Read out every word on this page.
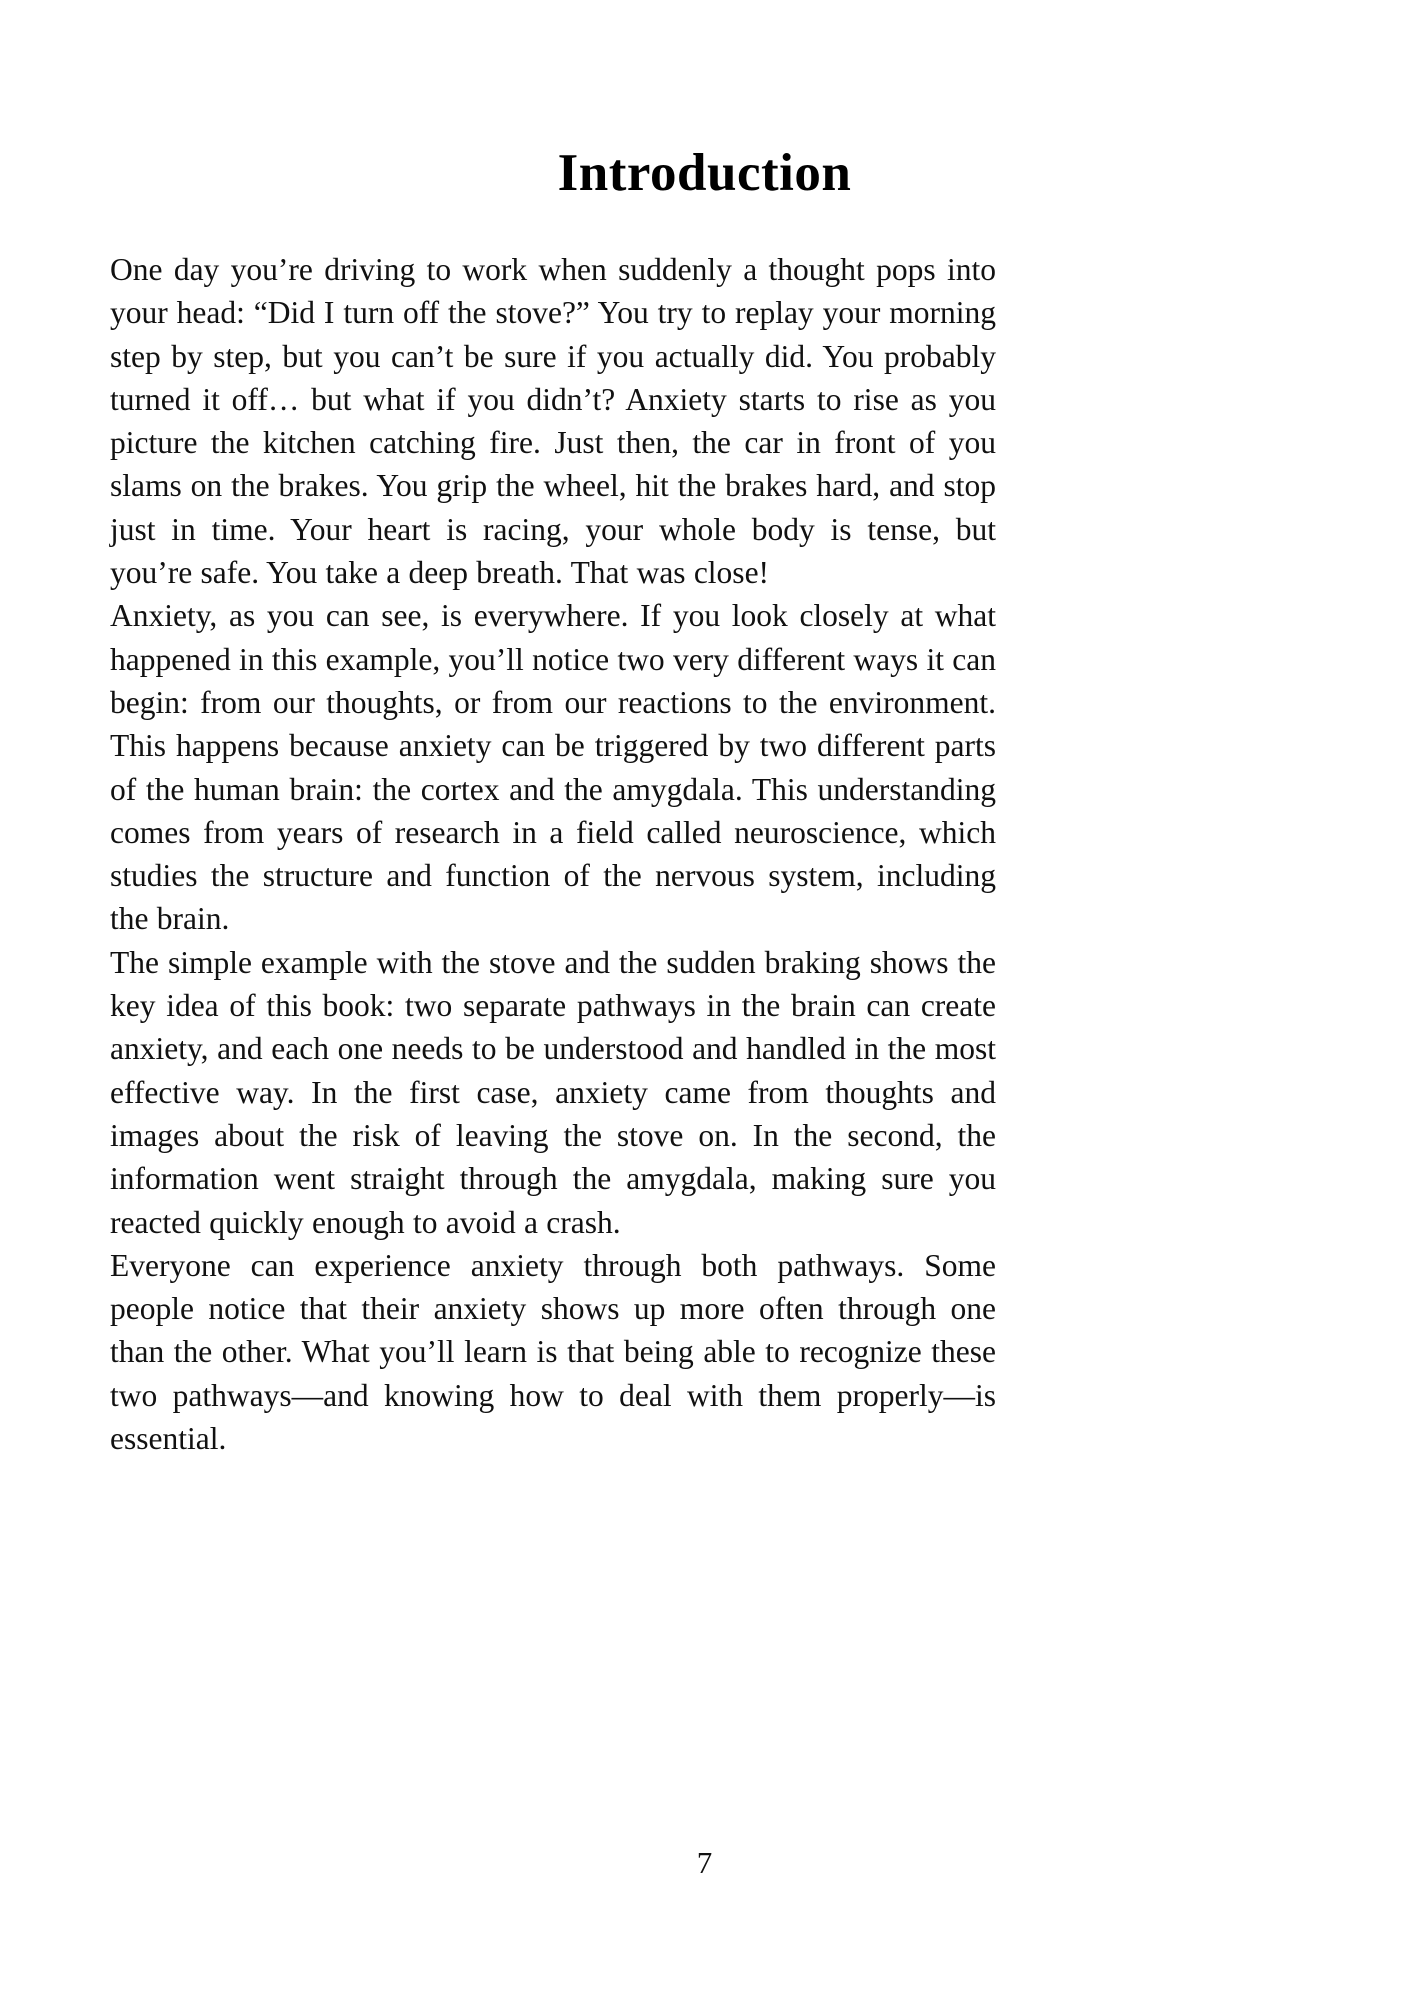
Introduction

One day you’re driving to work when suddenly a thought pops into your head: “Did I turn off the stove?” You try to replay your morning step by step, but you can’t be sure if you actually did. You probably turned it off… but what if you didn’t? Anxiety starts to rise as you picture the kitchen catching fire. Just then, the car in front of you slams on the brakes. You grip the wheel, hit the brakes hard, and stop just in time. Your heart is racing, your whole body is tense, but you’re safe. You take a deep breath. That was close!

Anxiety, as you can see, is everywhere. If you look closely at what happened in this example, you’ll notice two very different ways it can begin: from our thoughts, or from our reactions to the environment. This happens because anxiety can be triggered by two different parts of the human brain: the cortex and the amygdala. This understanding comes from years of research in a field called neuroscience, which studies the structure and function of the nervous system, including the brain.

The simple example with the stove and the sudden braking shows the key idea of this book: two separate pathways in the brain can create anxiety, and each one needs to be understood and handled in the most effective way. In the first case, anxiety came from thoughts and images about the risk of leaving the stove on. In the second, the information went straight through the amygdala, making sure you reacted quickly enough to avoid a crash.

Everyone can experience anxiety through both pathways. Some people notice that their anxiety shows up more often through one than the other. What you’ll learn is that being able to recognize these two pathways—and knowing how to deal with them properly—is essential.

7
